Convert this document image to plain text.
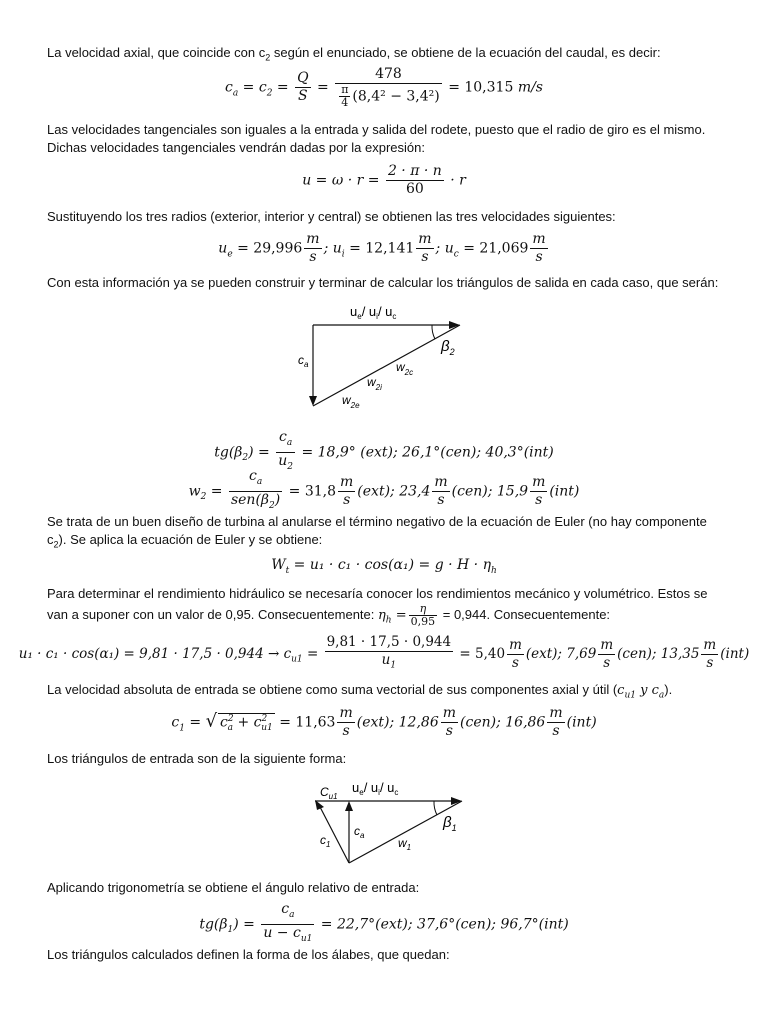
La velocidad axial, que coincide con $c_2$ según el enunciado, se obtiene de la ecuación del caudal, es decir:

$c_a = c_2 = \frac{Q}{S} = \frac{478}{\frac{\pi}{4} (8,4^2 - 3,4^2)} = 10,315$ m/s

Las velocidades tangenciales son iguales a la entrada y salida del rodete, puesto que el radio de giro es el mismo.
Dichas velocidades tangenciales vendrán dadas por la expresión:

$u = \omega \cdot r = \frac{2 \cdot \pi \cdot n}{60} \cdot r$

Sustituyendo los tres radios (exterior, interior y central) se obtienen las tres velocidades siguientes:

$u_e = 29,996 \frac{m}{s}$ ; $u_i = 12,141 \frac{m}{s}$ ; $u_c = 21,069 \frac{m}{s}$

Con esta información ya se pueden construir y terminar de calcular los triángulos de salida en cada caso, que serán:

$u_e/$ $u_i/$ $u_c$
$\beta_2$
$c_a$	$w_{2c}$
$w_{2i}$
$w_{2e}$
$tg(\beta_2) = \frac{c_a}{u_2} = 18,9^\circ$ (ext); 26,1°(cen); 40,3°(int)
$w_2 = \frac{c_a}{sen(\beta_2)} = 31,8 \frac{m}{s} (ext)$; $23,4 \frac{m}{s} (cen)$; $15,9 \frac{m}{s} (int)$

Se trata de un buen diseño de turbina al anularse el término negativo de la ecuación de Euler (no hay componente
$c_2$). Se aplica la ecuación de Euler y se obtiene:

$W_t = u_1 \cdot c_1 \cdot \cos(\alpha_1) = g \cdot H \cdot \eta_h$

Para determinar el rendimiento hidráulico se necesaría conocer los rendimientos mecánico y volumétrico. Estos se
van a suponer con un valor de 0,95. Consecuentemente: $\eta_h = \frac{\eta}{0,95} = 0,944$. Consecuentemente:

$u_1 \cdot c_1 \cdot \cos(\alpha_1) = 9,81 \cdot 17,5 \cdot 0,944 \to c_{u1} = \frac{9,81 \cdot 17,5 \cdot 0,944}{u_1} = 5,40 \frac{m}{s} (ext)$; $7,69 \frac{m}{s} (cen)$; $13,35 \frac{m}{s} (int)$

La velocidad absoluta de entrada se obtiene como suma vectorial de sus componentes axial y útil ($c_{u1}$ y $c_a$).

$c_1$ = √ $c^2_a + c^2_{u1} = 11,63 \frac{m}{s} (ext)$; $12,86 \frac{m}{s} (cen)$; $16,86 \frac{m}{s} (int)$

Los triángulos de entrada son de la siguiente forma:

$C_{u1}$
$u_e/$ $u_i/$ $u_c$
$\beta_1$
$c_1$
$c_a$
$w_1$

Aplicando trigonometría se obtiene el ángulo relativo de entrada:

$tg(\beta_1) = \frac{c_a}{u - c_{u1}} = 22,7^\circ(ext)$; 37,6°(cen); 96,7°(int)

Los triángulos calculados definen la forma de los álabes, que quedan:
